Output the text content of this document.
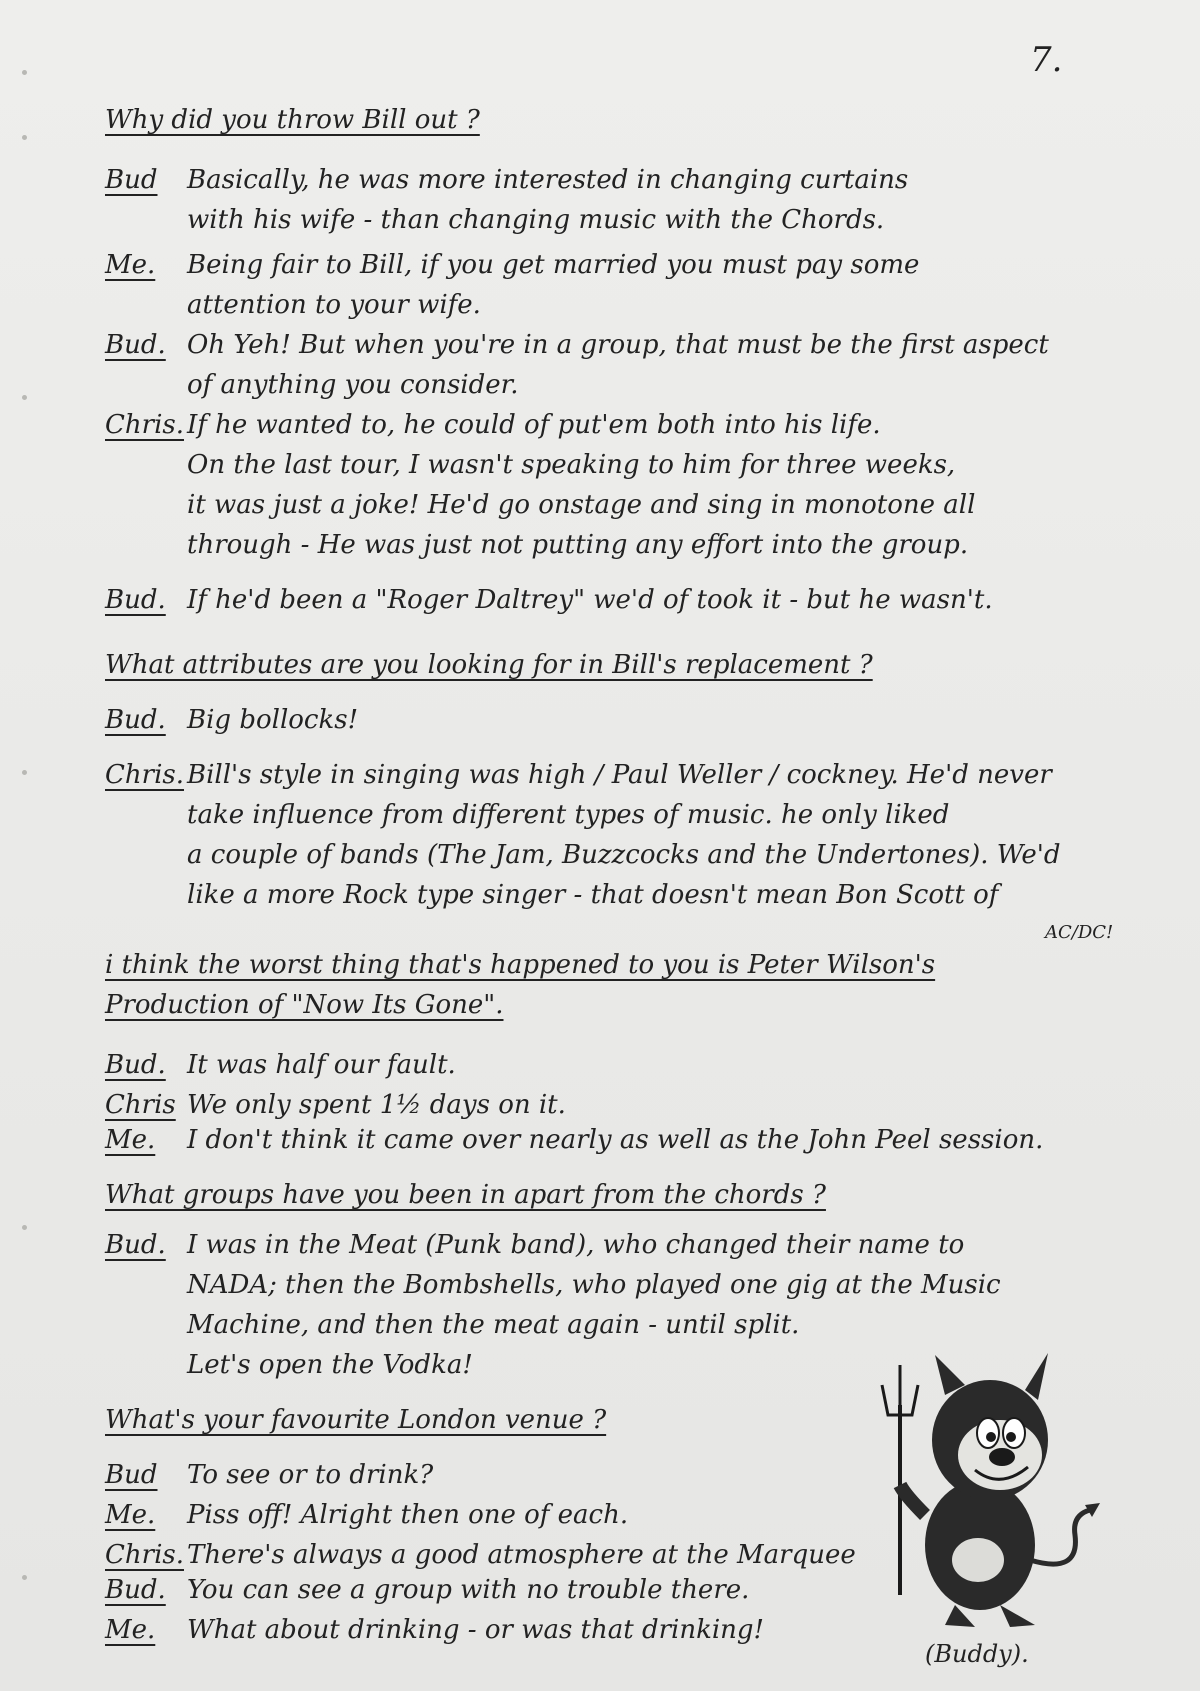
7.
Why did you throw Bill out ?
Bud	Basically, he was more interested in changing curtains
with his wife - than changing music with the Chords.
Me.	Being fair to Bill, if you get married you must pay some
attention to your wife.
Bud. Oh Yeh! But when you're in a group, that must be the first aspect
of anything you consider.
Chris. If he wanted to, he could of put'em both into his life.
On the last tour, I wasn't speaking to him for three weeks,
it was just a joke! He'd go onstage and sing in monotone all
through - He was just not putting any effort into the group.
Bud. If he'd been a "Roger Daltrey" we'd of took it - but he wasn't.
What attributes are you looking for in Bill's replacement ?
Bud. Big bollocks!
Chris. Bill's style in singing was high / Paul Weller / cockney. He'd never
take influence from different types of music. he only liked
a couple of bands (The Jam, Buzzcocks and the Undertones). We'd
like a more Rock type singer - that doesn't mean Bon Scott of
AC/DC!
i think the worst thing that's happened to you is Peter Wilson's
Production of "Now Its Gone".
Bud. It was half our fault.
Chris We only spent 1½ days on it.
Me.	I don't think it came over nearly as well as the John Peel session.
What groups have you been in apart from the chords ?
Bud. I was in the Meat (Punk band), who changed their name to
NADA; then the Bombshells, who played one gig at the Music
Machine, and then the meat again - until split.
Let's open the Vodka!
What's your favourite London venue ?
Bud	To see or to drink?
Me.	Piss off! Alright then one of each.
Chris. There's always a good atmosphere at the Marquee
Bud. You can see a group with no trouble there.
Me.	What about drinking - or was that drinking!
(Buddy).
